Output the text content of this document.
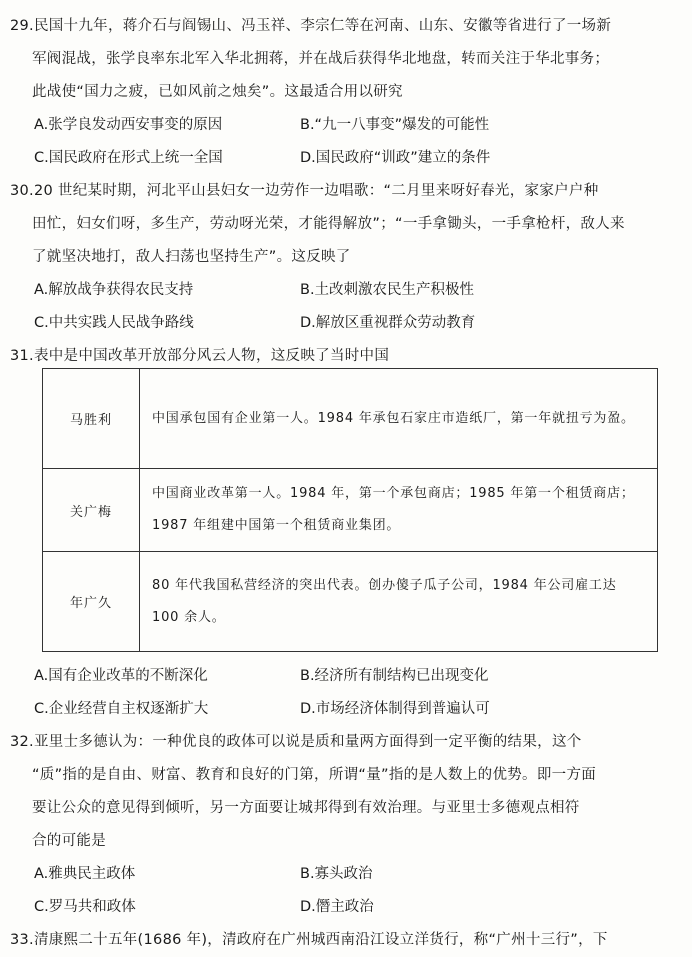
29.民国十九年，蒋介石与阎锡山、冯玉祥、李宗仁等在河南、山东、安徽等省进行了一场新
军阀混战，张学良率东北军入华北拥蒋，并在战后获得华北地盘，转而关注于华北事务；
此战使“国力之疲，已如风前之烛矣”。这最适合用以研究
A.张学良发动西安事变的原因	B.“九一八事变”爆发的可能性
C.国民政府在形式上统一全国	D.国民政府“训政”建立的条件
30.20 世纪某时期，河北平山县妇女一边劳作一边唱歌：“二月里来呀好春光，家家户户种
田忙，妇女们呀，多生产，劳动呀光荣，才能得解放”；“一手拿锄头，一手拿枪杆，敌人来
了就坚决地打，敌人扫荡也坚持生产”。这反映了
A.解放战争获得农民支持	B.土改刺激农民生产积极性
C.中共实践人民战争路线	D.解放区重视群众劳动教育
31.表中是中国改革开放部分风云人物，这反映了当时中国
马胜利	中国承包国有企业第一人。1984 年承包石家庄市造纸厂，第一年就扭亏为盈。
关广梅	中国商业改革第一人。1984 年，第一个承包商店；1985 年第一个租赁商店；1987 年组建中国第一个租赁商业集团。
年广久	80 年代我国私营经济的突出代表。创办傻子瓜子公司，1984 年公司雇工达 100 余人。
A.国有企业改革的不断深化	B.经济所有制结构已出现变化
C.企业经营自主权逐渐扩大	D.市场经济体制得到普遍认可
32.亚里士多德认为：一种优良的政体可以说是质和量两方面得到一定平衡的结果，这个
“质”指的是自由、财富、教育和良好的门第，所谓“量”指的是人数上的优势。即一方面
要让公众的意见得到倾听，另一方面要让城邦得到有效治理。与亚里士多德观点相符
合的可能是
A.雅典民主政体	B.寡头政治
C.罗马共和政体	D.僭主政治
33.清康熙二十五年(1686 年)，清政府在广州城西南沿江设立洋货行，称“广州十三行”，下
